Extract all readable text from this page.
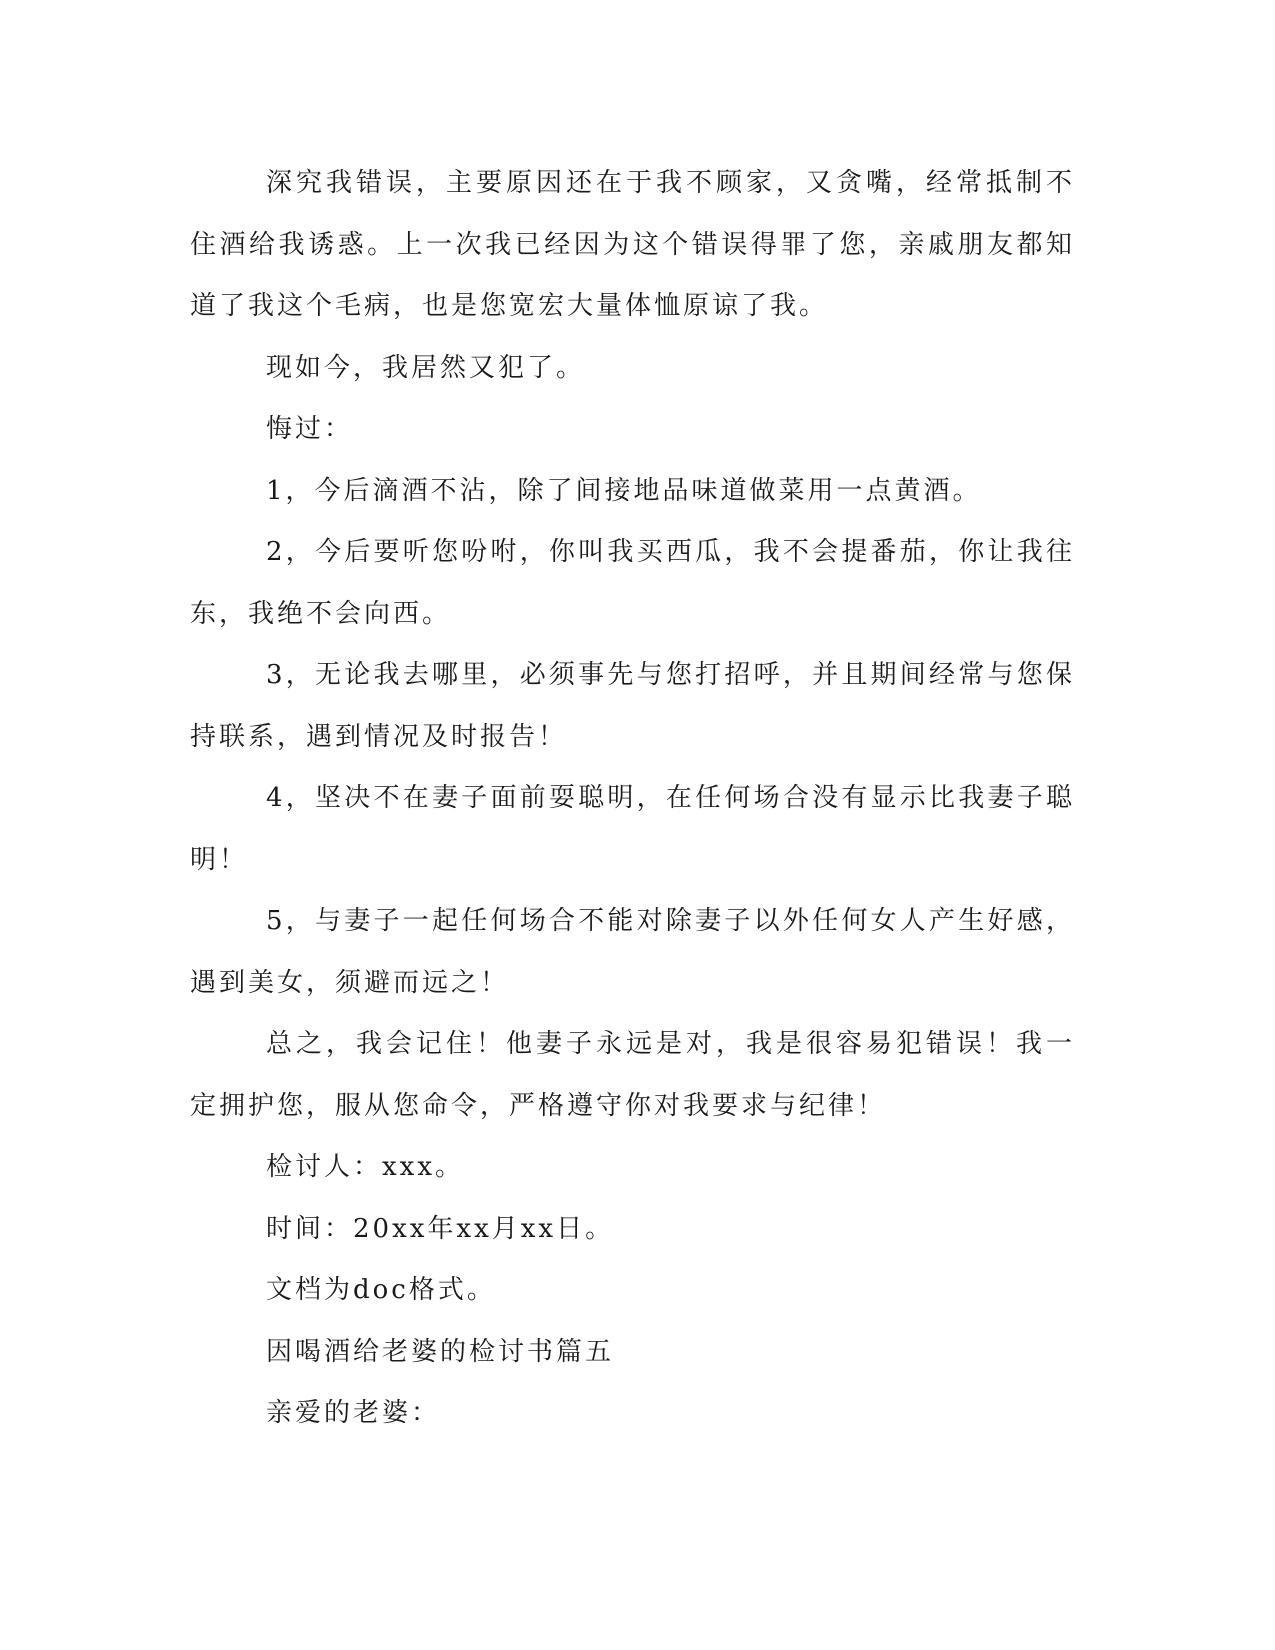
深究我错误，主要原因还在于我不顾家，又贪嘴，经常抵制不住酒给我诱惑。上一次我已经因为这个错误得罪了您，亲戚朋友都知道了我这个毛病，也是您宽宏大量体恤原谅了我。

现如今，我居然又犯了。

悔过：

1，今后滴酒不沾，除了间接地品味道做菜用一点黄酒。

2，今后要听您吩咐，你叫我买西瓜，我不会提番茄，你让我往东，我绝不会向西。

3，无论我去哪里，必须事先与您打招呼，并且期间经常与您保持联系，遇到情况及时报告！

4，坚决不在妻子面前耍聪明，在任何场合没有显示比我妻子聪明！

5，与妻子一起任何场合不能对除妻子以外任何女人产生好感，遇到美女，须避而远之！

总之，我会记住！他妻子永远是对，我是很容易犯错误！我一定拥护您，服从您命令，严格遵守你对我要求与纪律！

检讨人：xxx。

时间：20xx年xx月xx日。

文档为doc格式。

因喝酒给老婆的检讨书篇五

亲爱的老婆：
